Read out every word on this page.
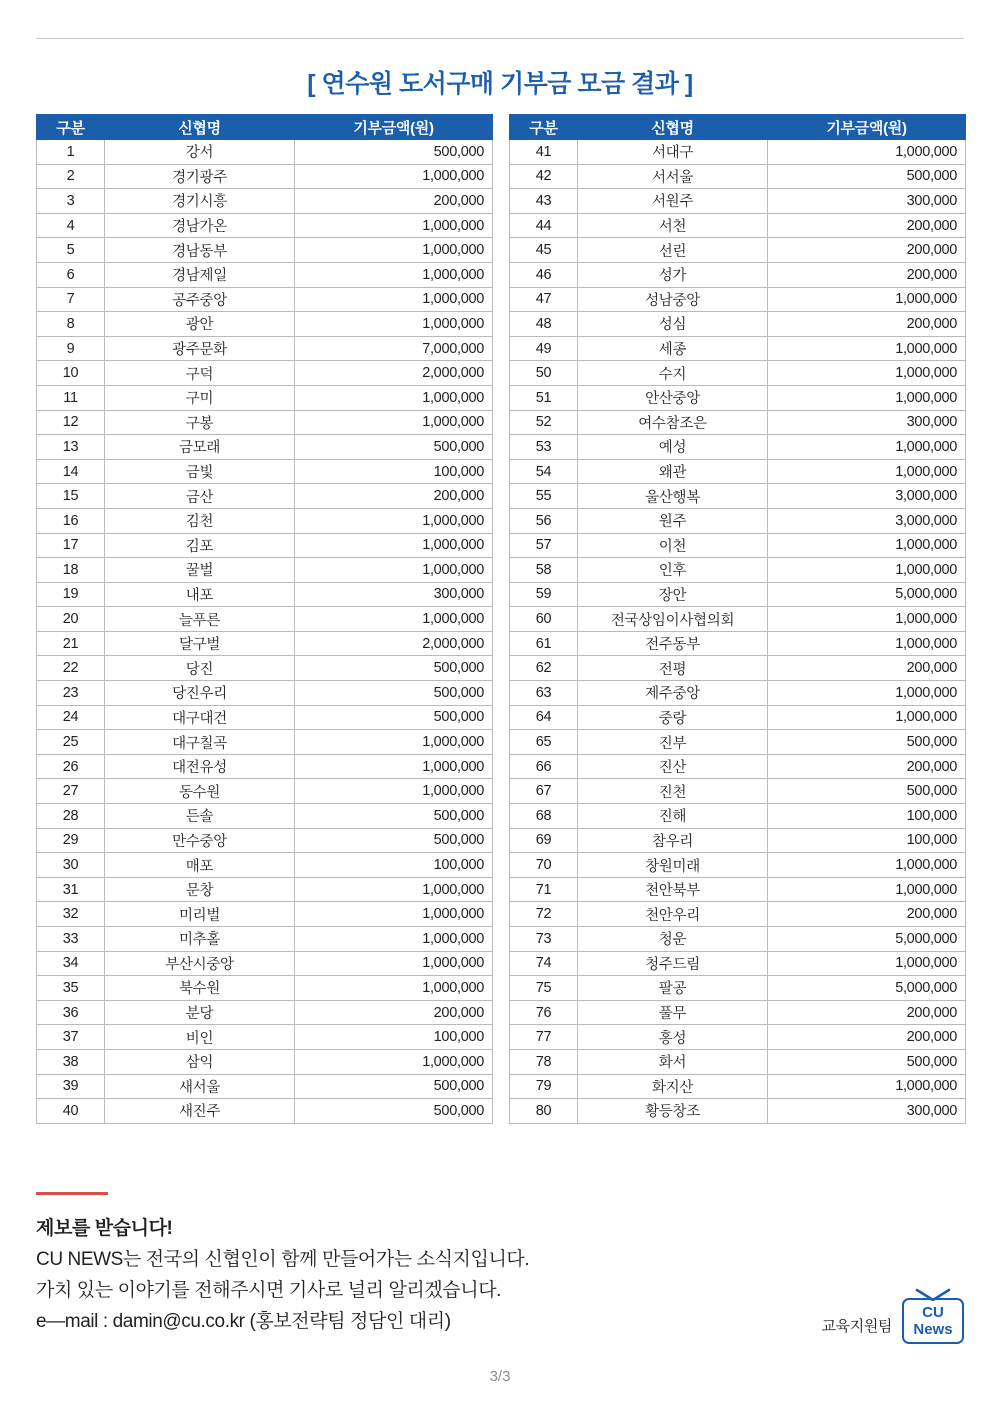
[ 연수원 도서구매 기부금 모금 결과 ]
구분	신협명	기부금액(원)
1	강서	500,000
2	경기광주	1,000,000
3	경기시흥	200,000
4	경남가온	1,000,000
5	경남동부	1,000,000
6	경남제일	1,000,000
7	공주중앙	1,000,000
8	광안	1,000,000
9	광주문화	7,000,000
10	구덕	2,000,000
11	구미	1,000,000
12	구봉	1,000,000
13	금모래	500,000
14	금빛	100,000
15	금산	200,000
16	김천	1,000,000
17	김포	1,000,000
18	꿀벌	1,000,000
19	내포	300,000
20	늘푸른	1,000,000
21	달구벌	2,000,000
22	당진	500,000
23	당진우리	500,000
24	대구대건	500,000
25	대구칠곡	1,000,000
26	대전유성	1,000,000
27	동수원	1,000,000
28	든솔	500,000
29	만수중앙	500,000
30	매포	100,000
31	문창	1,000,000
32	미리벌	1,000,000
33	미추홀	1,000,000
34	부산시중앙	1,000,000
35	북수원	1,000,000
36	분당	200,000
37	비인	100,000
38	삼익	1,000,000
39	새서울	500,000
40	새진주	500,000
구분	신협명	기부금액(원)
41	서대구	1,000,000
42	서서울	500,000
43	서원주	300,000
44	서천	200,000
45	선린	200,000
46	성가	200,000
47	성남중앙	1,000,000
48	성심	200,000
49	세종	1,000,000
50	수지	1,000,000
51	안산중앙	1,000,000
52	여수참조은	300,000
53	예성	1,000,000
54	왜관	1,000,000
55	울산행복	3,000,000
56	원주	3,000,000
57	이천	1,000,000
58	인후	1,000,000
59	장안	5,000,000
60	전국상임이사협의회	1,000,000
61	전주동부	1,000,000
62	전평	200,000
63	제주중앙	1,000,000
64	중랑	1,000,000
65	진부	500,000
66	진산	200,000
67	진천	500,000
68	진해	100,000
69	참우리	100,000
70	창원미래	1,000,000
71	천안북부	1,000,000
72	천안우리	200,000
73	청운	5,000,000
74	청주드림	1,000,000
75	팔공	5,000,000
76	풀무	200,000
77	홍성	200,000
78	화서	500,000
79	화지산	1,000,000
80	황등창조	300,000
제보를 받습니다!
CU NEWS는 전국의 신협인이 함께 만들어가는 소식지입니다.
가치 있는 이야기를 전해주시면 기사로 널리 알리겠습니다.
e—mail : damin@cu.co.kr (홍보전략팀 정담인 대리)	교육지원팀
CU
News
3/3
